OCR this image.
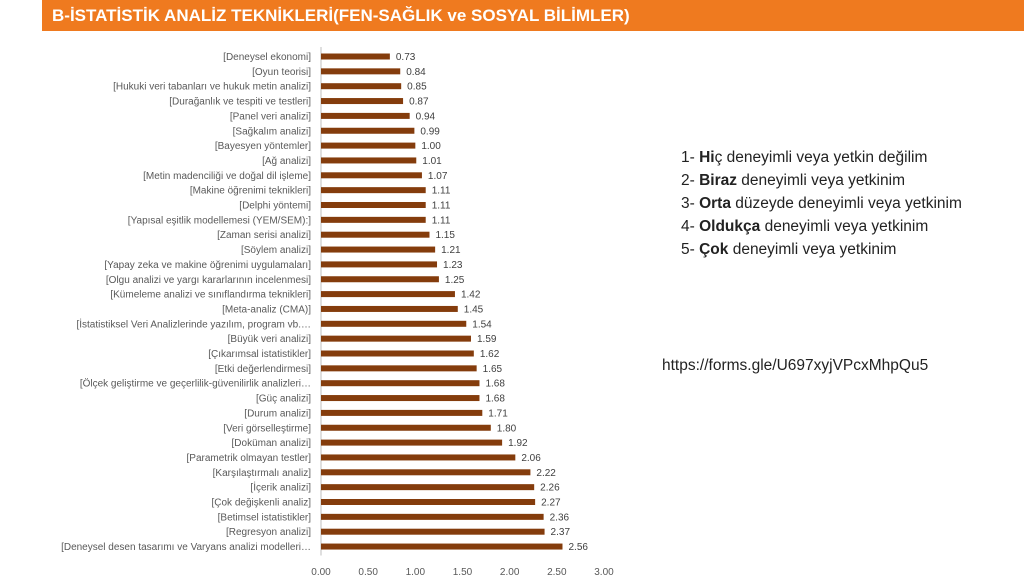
B-İSTATİSTİK ANALİZ TEKNİKLERİ(FEN-SAĞLIK ve SOSYAL BİLİMLER)
[Deneysel ekonomi]	0.73
[Oyun teorisi]	0.84
[Hukuki veri tabanları ve hukuk metin analizi]	0.85
[Durağanlık ve tespiti ve testleri]	0.87
[Panel veri analizi]	0.94
[Sağkalım analizi]	0.99
[Bayesyen yöntemler]	1.00
[Ağ analizi]	1.01
[Metin madenciliği ve doğal dil işleme]	1.07
[Makine öğrenimi teknikleri]	1.11
[Delphi yöntemi]	1.11
[Yapısal eşitlik modellemesi (YEM/SEM):]	1.11
[Zaman serisi analizi]	1.15
[Söylem analizi]	1.21
[Yapay zeka ve makine öğrenimi uygulamaları]	1.23
[Olgu analizi ve yargı kararlarının incelenmesi]	1.25
[Kümeleme analizi ve sınıflandırma teknikleri]	1.42
[Meta-analiz (CMA)]	1.45
[İstatistiksel Veri Analizlerinde yazılım, program vb.…	1.54
[Büyük veri analizi]	1.59
[Çıkarımsal istatistikler]	1.62
[Etki değerlendirmesi]	1.65
[Ölçek geliştirme ve geçerlilik-güvenilirlik analizleri…	1.68
[Güç analizi]	1.68
[Durum analizi]	1.71
[Veri görselleştirme]	1.80
[Doküman analizi]	1.92
[Parametrik olmayan testler]	2.06
[Karşılaştırmalı analiz]	2.22
[İçerik analizi]	2.26
[Çok değişkenli analiz]	2.27
[Betimsel istatistikler]	2.36
[Regresyon analizi]	2.37
[Deneysel desen tasarımı ve Varyans analizi modelleri…	2.56
0.00	0.50	1.00	1.50	2.00	2.50	3.00
1- Hiç deneyimli veya yetkin değilim
2- Biraz deneyimli veya yetkinim
3- Orta düzeyde deneyimli veya yetkinim
4- Oldukça deneyimli veya yetkinim
5- Çok deneyimli veya yetkinim
https://forms.gle/U697xyjVPcxMhpQu5
